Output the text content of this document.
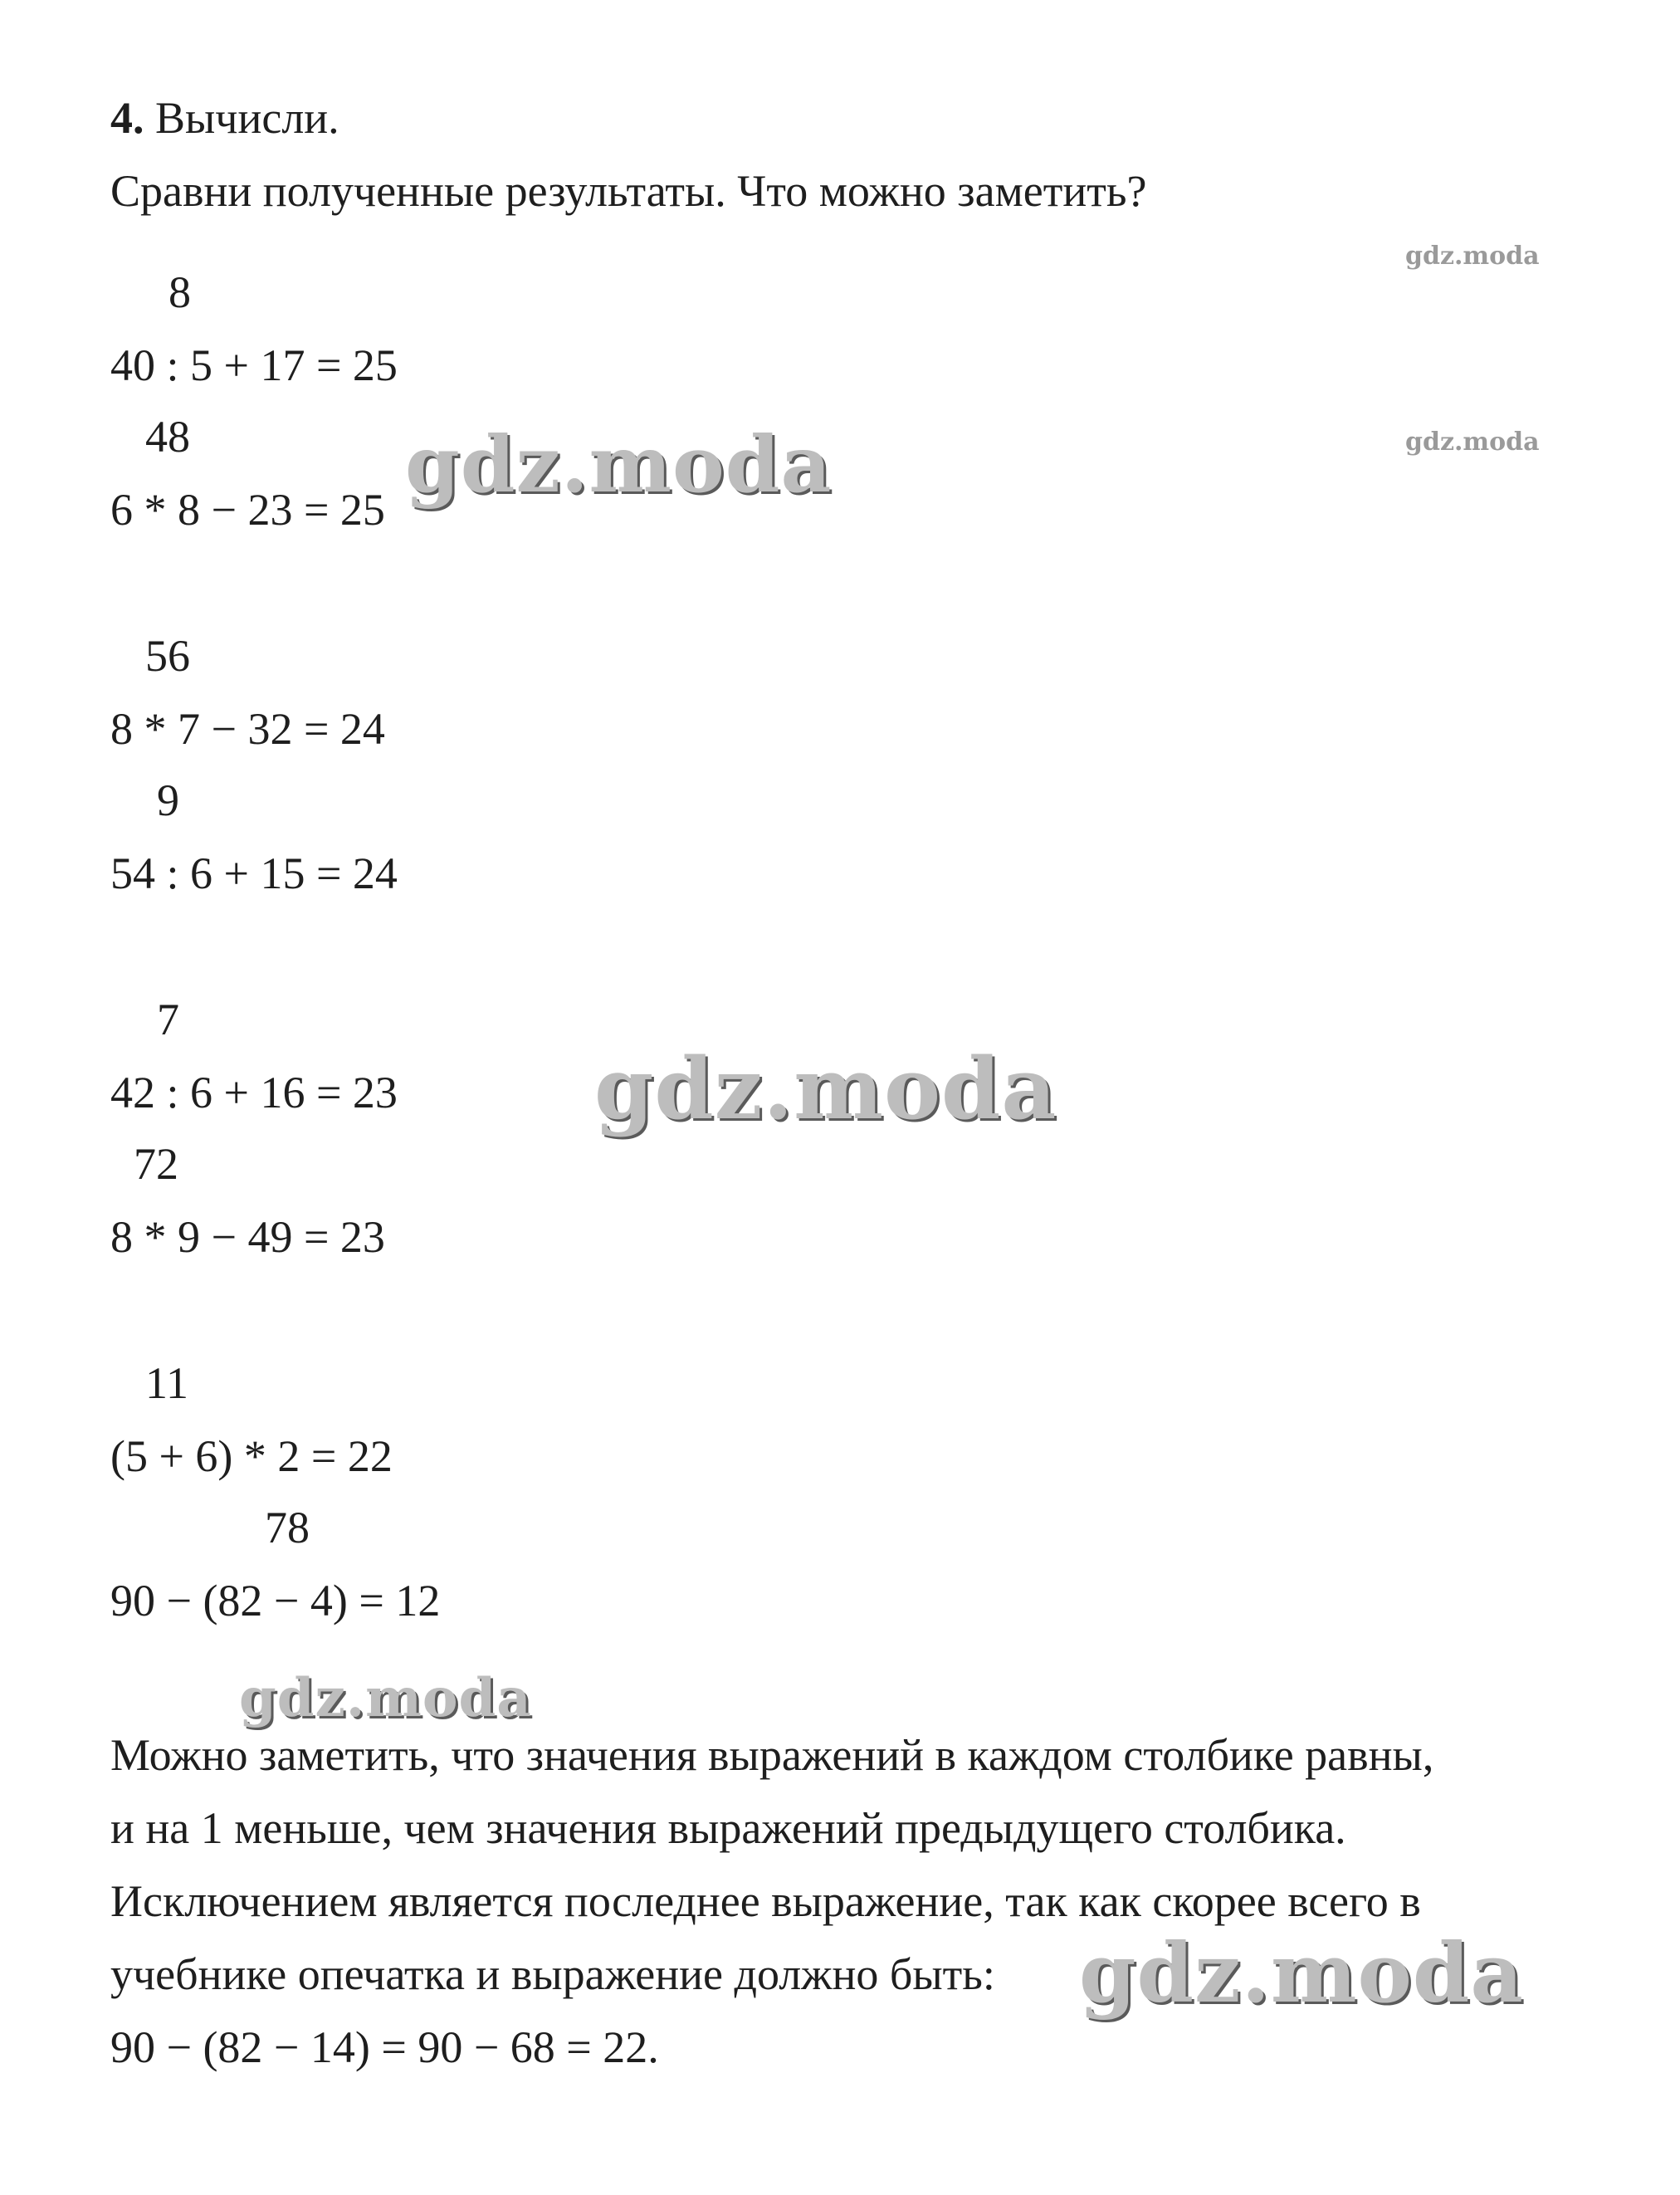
4. Вычисли.
Сравни полученные результаты. Что можно заметить?
8
40 : 5 + 17 = 25
48
6 * 8 − 23 = 25
56
8 * 7 − 32 = 24
9
54 : 6 + 15 = 24
7
42 : 6 + 16 = 23
72
8 * 9 − 49 = 23
11
(5 + 6) * 2 = 22
78
90 − (82 − 4) = 12
Можно заметить, что значения выражений в каждом столбике равны,
и на 1 меньше, чем значения выражений предыдущего столбика.
Исключением является последнее выражение, так как скорее всего в
учебнике опечатка и выражение должно быть:
90 − (82 − 14) = 90 − 68 = 22.
gdz.moda
gdz.moda
gdz.moda
gdz.moda
gdz.moda
gdz.moda
